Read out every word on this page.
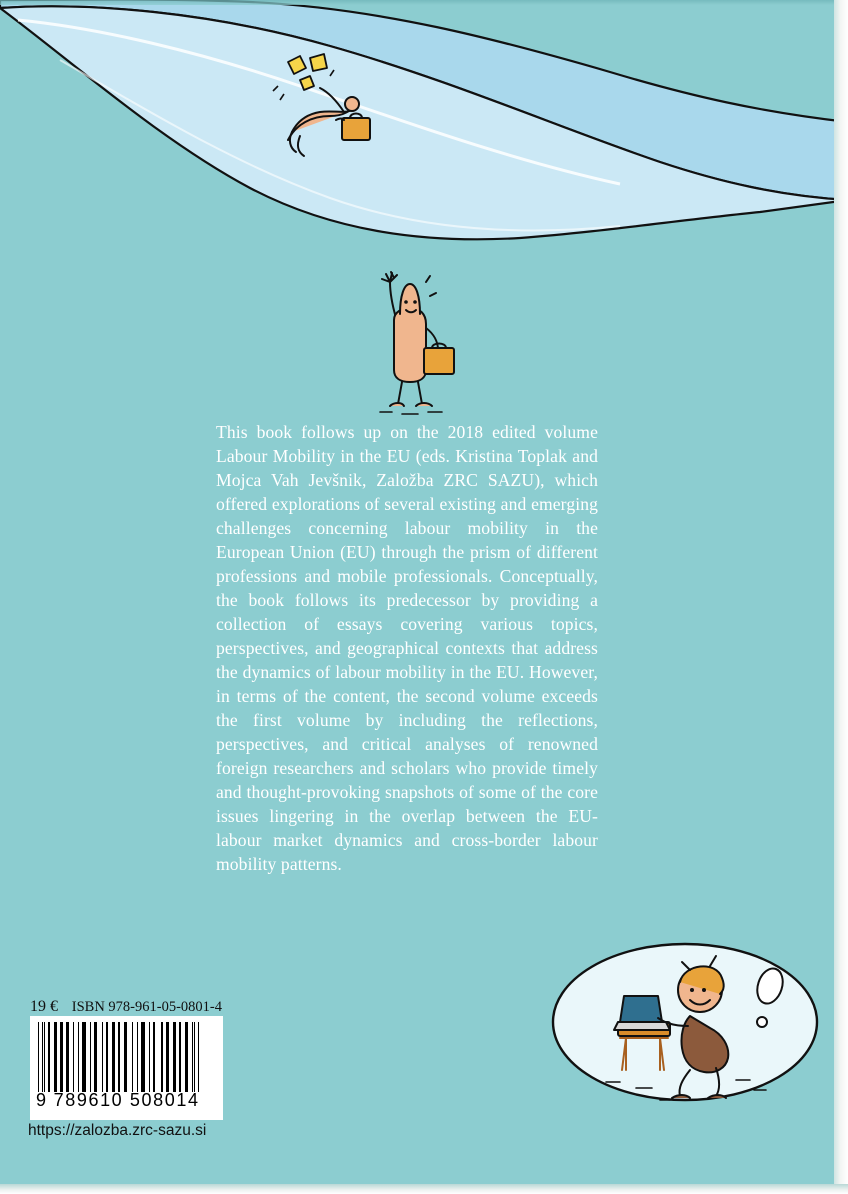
This book follows up on the 2018 edited volume Labour Mobility in the EU (eds. Kristina Toplak and Mojca Vah Jevšnik, Založba ZRC SAZU), which offered explorations of several existing and emerging challenges concerning labour mobility in the European Union (EU) through the prism of different professions and mobile professionals. Conceptually, the book follows its predecessor by providing a collection of essays covering various topics, perspectives, and geographical contexts that address the dynamics of labour mobility in the EU. However, in terms of the content, the second volume exceeds the first volume by including the reflections, perspectives, and critical analyses of renowned foreign researchers and scholars who provide timely and thought-provoking snapshots of some of the core issues lingering in the overlap between the EU-labour market dynamics and cross-border labour mobility patterns.

19 € ISBN 978-961-05-0801-4
9 789610 508014
https://zalozba.zrc-sazu.si
